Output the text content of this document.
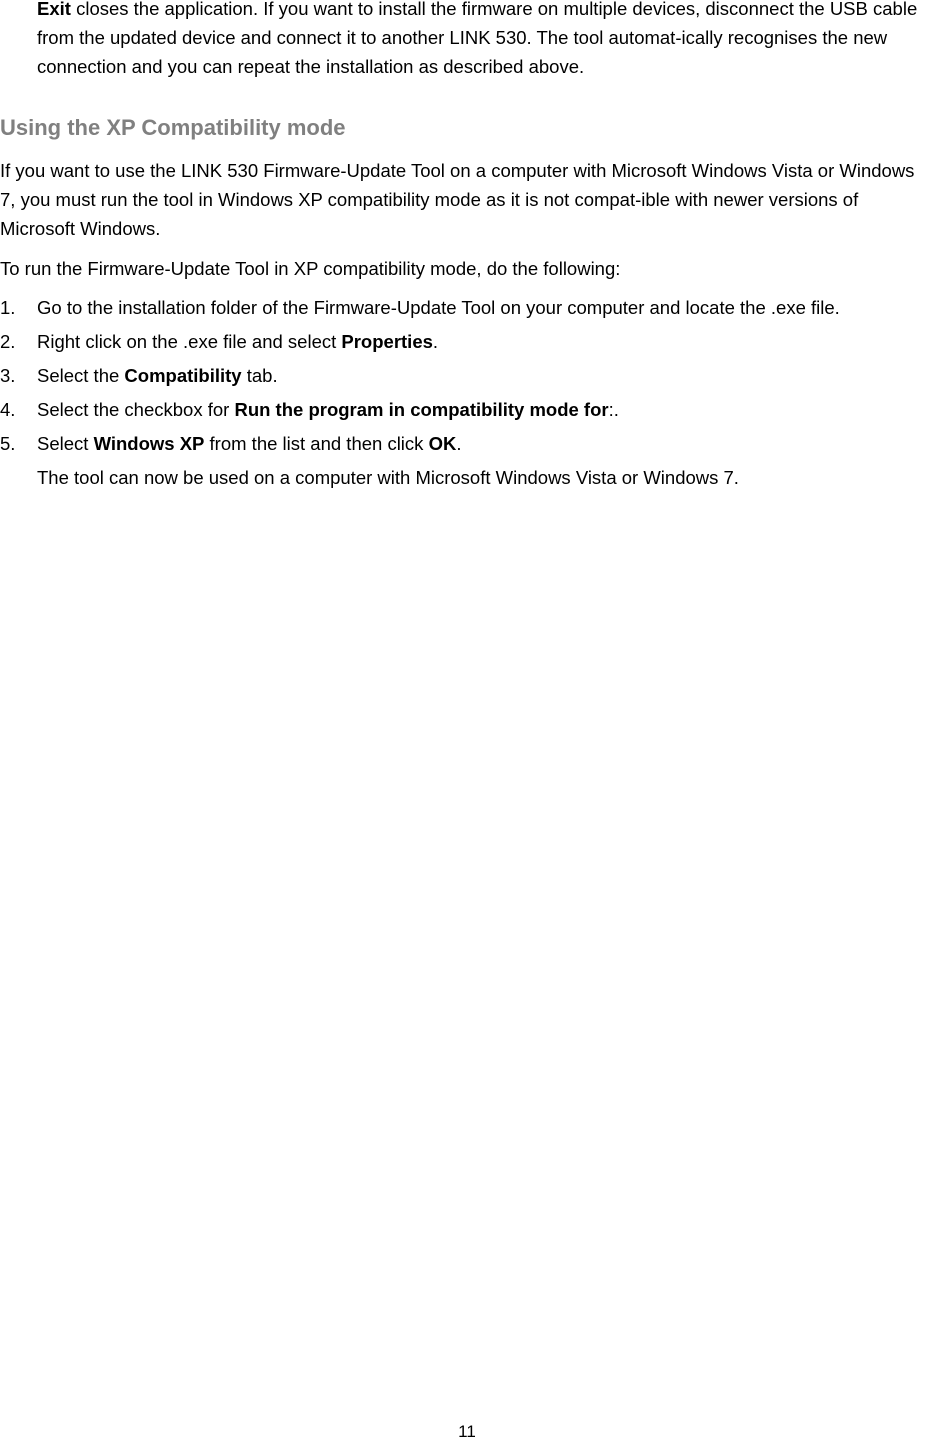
Exit closes the application. If you want to install the firmware on multiple devices, disconnect the USB cable from the updated device and connect it to another LINK 530. The tool automat-ically recognises the new connection and you can repeat the installation as described above.

Using the XP Compatibility mode

If you want to use the LINK 530 Firmware-Update Tool on a computer with Microsoft Windows Vista or Windows 7, you must run the tool in Windows XP compatibility mode as it is not compat-ible with newer versions of Microsoft Windows.

To run the Firmware-Update Tool in XP compatibility mode, do the following:

1. Go to the installation folder of the Firmware-Update Tool on your computer and locate the .exe file.
2. Right click on the .exe file and select Properties.
3. Select the Compatibility tab.
4. Select the checkbox for Run the program in compatibility mode for:.
5. Select Windows XP from the list and then click OK.
The tool can now be used on a computer with Microsoft Windows Vista or Windows 7.
11
